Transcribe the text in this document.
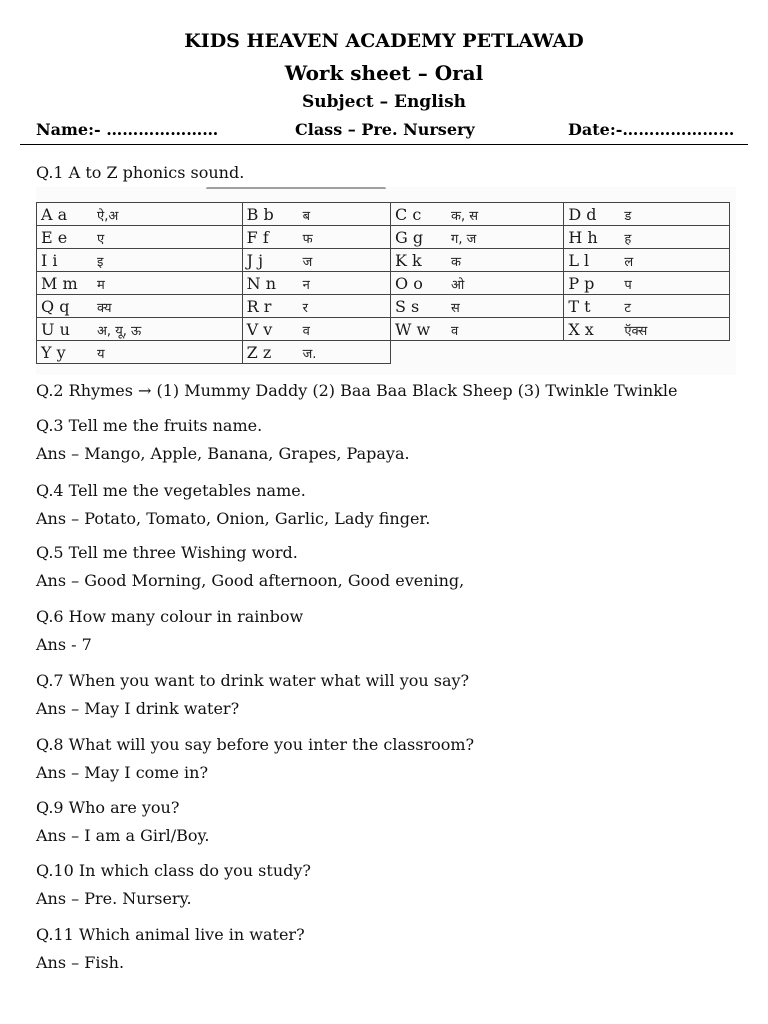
KIDS HEAVEN ACADEMY PETLAWAD
Work sheet – Oral
Subject – English
Name:- …………………	Class – Pre. Nursery	Date:-…………………
Q.1 A to Z phonics sound.
A a ऐ,अ	B b ब	C c क, स	D d ड
E e ए	F f फ	G g ग, ज	H h ह
I i इ	J j ज	K k क	L l ल
M m म	N n न	O o ओ	P p प
Q q क्य	R r र	S s स	T t ट
U u अ, यू, ऊ	V v व	W w व	X x ऍक्स
Y y य	Z z ज.		
Q.2 Rhymes → (1) Mummy Daddy (2) Baa Baa Black Sheep (3) Twinkle Twinkle
Q.3 Tell me the fruits name.
Ans – Mango, Apple, Banana, Grapes, Papaya.
Q.4 Tell me the vegetables name.
Ans – Potato, Tomato, Onion, Garlic, Lady finger.
Q.5 Tell me three Wishing word.
Ans – Good Morning, Good afternoon, Good evening,
Q.6 How many colour in rainbow
Ans - 7
Q.7 When you want to drink water what will you say?
Ans – May I drink water?
Q.8 What will you say before you inter the classroom?
Ans – May I come in?
Q.9 Who are you?
Ans – I am a Girl/Boy.
Q.10 In which class do you study?
Ans – Pre. Nursery.
Q.11 Which animal live in water?
Ans – Fish.
